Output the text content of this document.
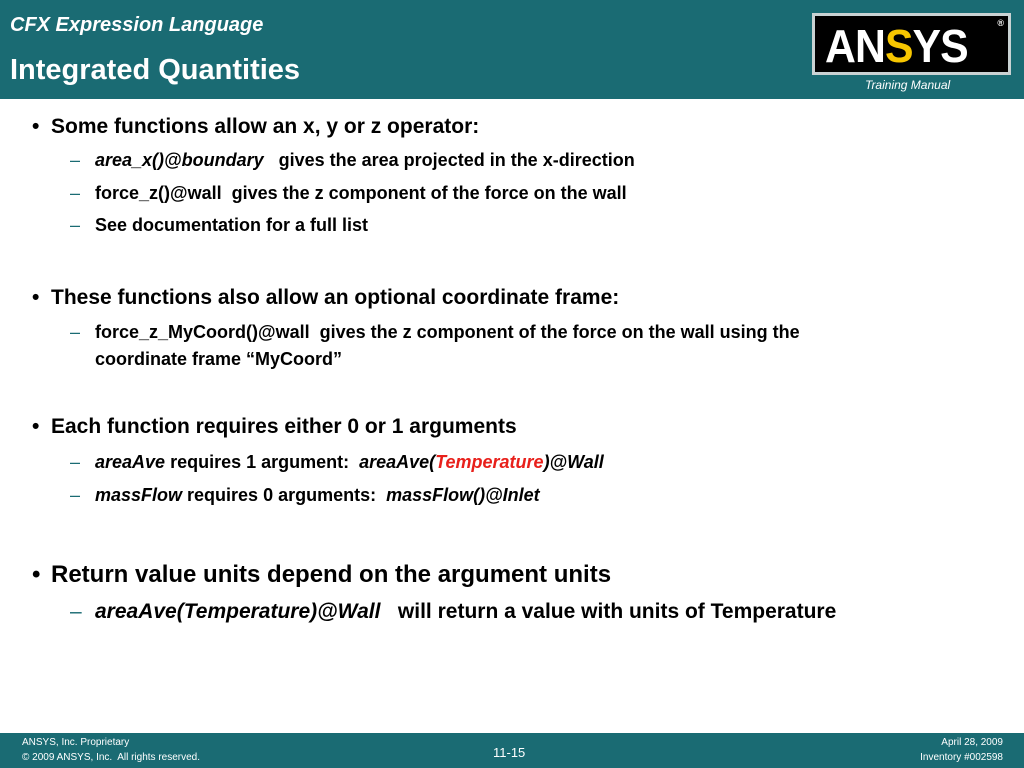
CFX Expression Language
Integrated Quantities	ANSYS	®
Training Manual
• Some functions allow an x, y or z operator:
– area_x()@boundary   gives the area projected in the x-direction
– force_z()@wall  gives the z component of the force on the wall
– See documentation for a full list
• These functions also allow an optional coordinate frame:
– force_z_MyCoord()@wall  gives the z component of the force on the wall using the
coordinate frame “MyCoord”
• Each function requires either 0 or 1 arguments
– areaAve requires 1 argument:  areaAve(Temperature)@Wall
– massFlow requires 0 arguments:  massFlow()@Inlet
• Return value units depend on the argument units
– areaAve(Temperature)@Wall   will return a value with units of Temperature
ANSYS, Inc. Proprietary
© 2009 ANSYS, Inc.  All rights reserved.	11-15
April 28, 2009
Inventory #002598
